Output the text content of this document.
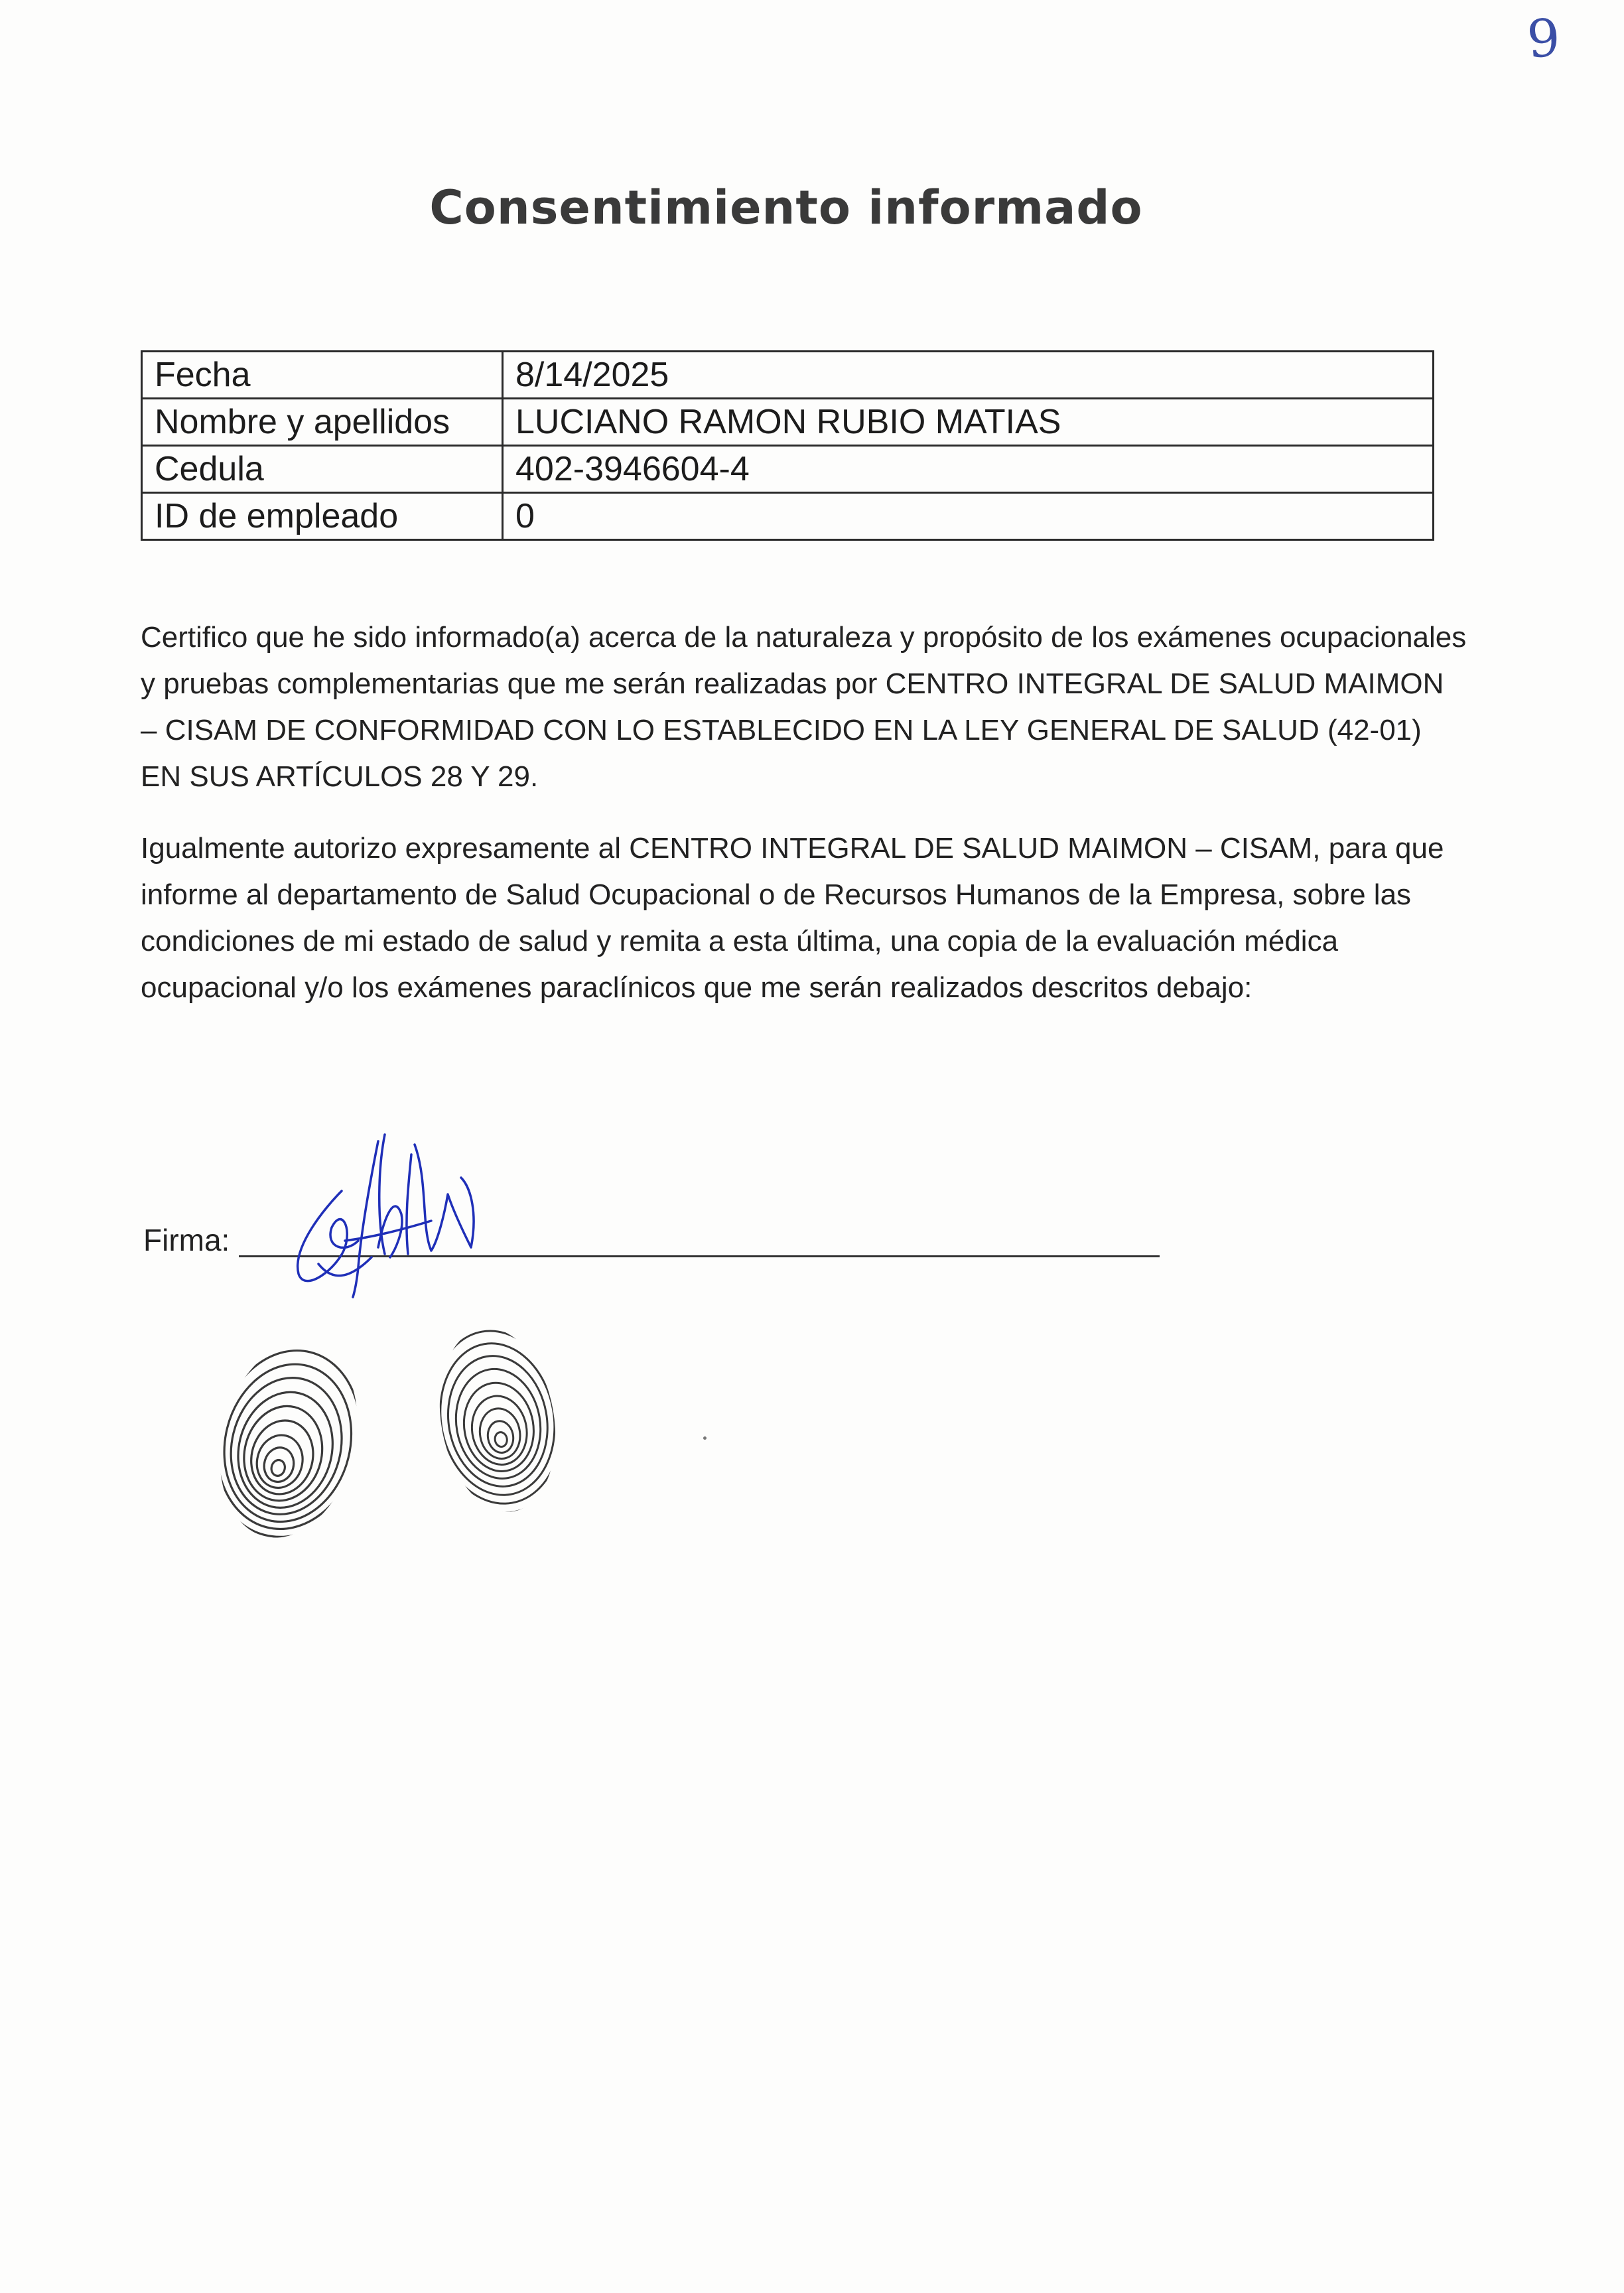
9
Consentimiento informado
Fecha	8/14/2025
Nombre y apellidos	LUCIANO RAMON RUBIO MATIAS
Cedula	402-3946604-4
ID de empleado	0

Certifico que he sido informado(a) acerca de la naturaleza y propósito de los exámenes ocupacionales y pruebas complementarias que me serán realizadas por CENTRO INTEGRAL DE SALUD MAIMON – CISAM DE CONFORMIDAD CON LO ESTABLECIDO EN LA LEY GENERAL DE SALUD (42-01) EN SUS ARTÍCULOS 28 Y 29.

Igualmente autorizo expresamente al CENTRO INTEGRAL DE SALUD MAIMON – CISAM, para que informe al departamento de Salud Ocupacional o de Recursos Humanos de la Empresa, sobre las condiciones de mi estado de salud y remita a esta última, una copia de la evaluación médica ocupacional y/o los exámenes paraclínicos que me serán realizados descritos debajo:

Firma:
